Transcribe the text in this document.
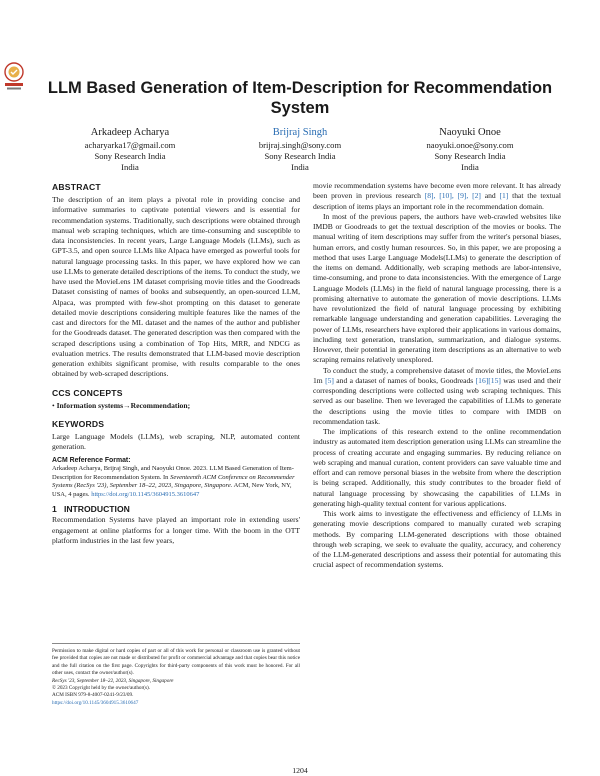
LLM Based Generation of Item-Description for Recommendation System
Arkadeep Acharya
acharyarka17@gmail.com
Sony Research India
India
Brijraj Singh
brijraj.singh@sony.com
Sony Research India
India
Naoyuki Onoe
naoyuki.onoe@sony.com
Sony Research India
India
ABSTRACT
The description of an item plays a pivotal role in providing concise and informative summaries to captivate potential viewers and is essential for recommendation systems. Traditionally, such descriptions were obtained through manual web scraping techniques, which are time-consuming and susceptible to data inconsistencies. In recent years, Large Language Models (LLMs), such as GPT-3.5, and open source LLMs like Alpaca have emerged as powerful tools for natural language processing tasks. In this paper, we have explored how we can use LLMs to generate detailed descriptions of the items. To conduct the study, we have used the MovieLens 1M dataset comprising movie titles and the Goodreads Dataset consisting of names of books and subsequently, an open-sourced LLM, Alpaca, was prompted with few-shot prompting on this dataset to generate detailed movie descriptions considering multiple features like the names of the cast and directors for the ML dataset and the names of the author and publisher for the Goodreads dataset. The generated description was then compared with the scraped descriptions using a combination of Top Hits, MRR, and NDCG as evaluation metrics. The results demonstrated that LLM-based movie description generation exhibits significant promise, with results comparable to the ones obtained by web-scraped descriptions.
CCS CONCEPTS
• Information systems→Recommendation;
KEYWORDS
Large Language Models (LLMs), web scraping, NLP, automated content generation.
ACM Reference Format:
Arkadeep Acharya, Brijraj Singh, and Naoyuki Onoe. 2023. LLM Based Generation of Item-Description for Recommendation System. In Seventeenth ACM Conference on Recommender Systems (RecSys '23), September 18–22, 2023, Singapore, Singapore. ACM, New York, NY, USA, 4 pages. https://doi.org/10.1145/3604915.3610647
1 INTRODUCTION
Recommendation Systems have played an important role in extending users' engagement at online platforms for a longer time. With the boom in the OTT platform industries in the last few years,
Permission to make digital or hard copies of part or all of this work for personal or classroom use is granted without fee provided that copies are not made or distributed for profit or commercial advantage and that copies bear this notice and the full citation on the first page. Copyrights for third-party components of this work must be honored. For all other uses, contact the owner/author(s).
RecSys '23, September 18–22, 2023, Singapore, Singapore
© 2023 Copyright held by the owner/author(s).
ACM ISBN 979-8-4007-0241-9/23/09.
https://doi.org/10.1145/3604915.3610647
movie recommendation systems have become even more relevant. It has already been proven in previous research [8], [10], [9], [2] and [1] that the textual description of items plays an important role in the recommendation domain.
In most of the previous papers, the authors have web-crawled websites like IMDB or Goodreads to get the textual description of the movies or books. The manual writing of item descriptions may suffer from the writer's personal biases, human errors, and costly human resources. So, in this paper, we are proposing a method that uses Large Language Models(LLMs) to generate the description of the items on demand. Additionally, web scraping methods are labor-intensive, time-consuming, and prone to data inconsistencies. With the emergence of Large Language Models (LLMs) in the field of natural language processing, there is a promising alternative to automate the generation of movie descriptions. LLMs have revolutionized the field of natural language processing by exhibiting remarkable language understanding and generation capabilities. Leveraging the power of LLMs, researchers have explored their applications in various domains, including text generation, translation, summarization, and dialogue systems. However, their potential in generating item descriptions as an alternative to web scraping remains relatively unexplored.
To conduct the study, a comprehensive dataset of movie titles, the MovieLens 1m [5] and a dataset of names of books, Goodreads [16][15] was used and their corresponding descriptions were collected using web scraping techniques. This served as our baseline. Then we leveraged the capabilities of LLMs to generate the descriptions using the movie titles to compare with IMDB on recommendation task.
The implications of this research extend to the online recommendation industry as automated item description generation using LLMs can streamline the process of creating accurate and engaging summaries. By reducing reliance on web scraping and manual curation, content providers can save valuable time and effort and can remove personal biases in the website from where the description is being scraped. Additionally, this study contributes to the broader field of natural language processing by showcasing the capabilities of LLMs in generating high-quality textual content for various applications.
This work aims to investigate the effectiveness and efficiency of LLMs in generating movie descriptions compared to manually curated web scraping methods. By comparing LLM-generated descriptions with those obtained through web scraping, we seek to evaluate the quality, accuracy, and coherency of the LLM-generated descriptions and assess their potential for automating this crucial aspect of recommendation systems.
1204
